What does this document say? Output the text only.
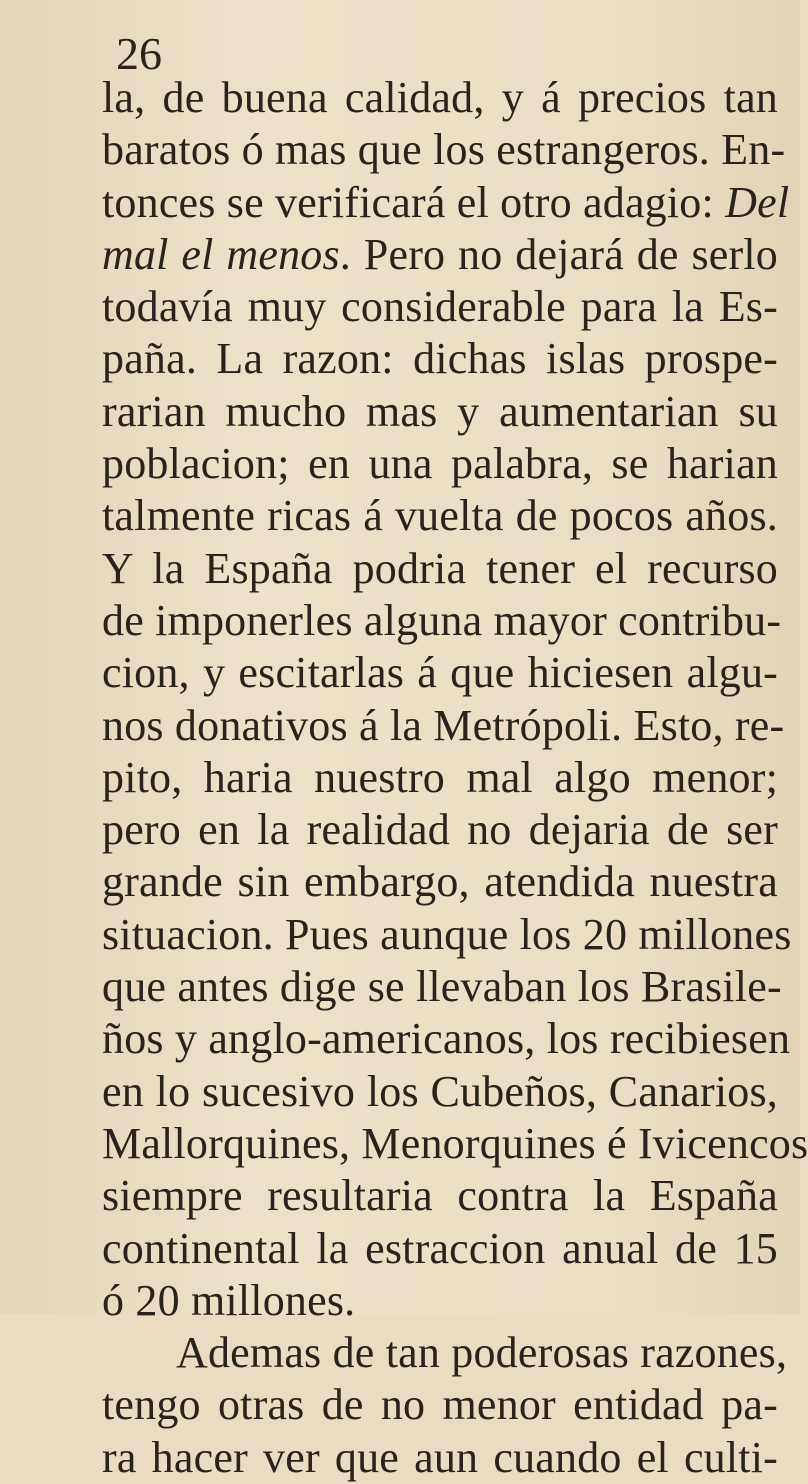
26
la, de buena calidad, y á precios tan
baratos ó mas que los estrangeros. En-
tonces se verificará el otro adagio: Del
mal el menos. Pero no dejará de serlo
todavía muy considerable para la Es-
paña. La razon: dichas islas prospe-
rarian mucho mas y aumentarian su
poblacion; en una palabra, se harian
talmente ricas á vuelta de pocos años.
Y la España podria tener el recurso
de imponerles alguna mayor contribu-
cion, y escitarlas á que hiciesen algu-
nos donativos á la Metrópoli. Esto, re-
pito, haria nuestro mal algo menor;
pero en la realidad no dejaria de ser
grande sin embargo, atendida nuestra
situacion. Pues aunque los 20 millones
que antes dige se llevaban los Brasile-
ños y anglo-americanos, los recibiesen
en lo sucesivo los Cubeños, Canarios,
Mallorquines, Menorquines é Ivicencos
siempre resultaria contra la España
continental la estraccion anual de 15
ó 20 millones.
Ademas de tan poderosas razones,
tengo otras de no menor entidad pa-
ra hacer ver que aun cuando el culti-
